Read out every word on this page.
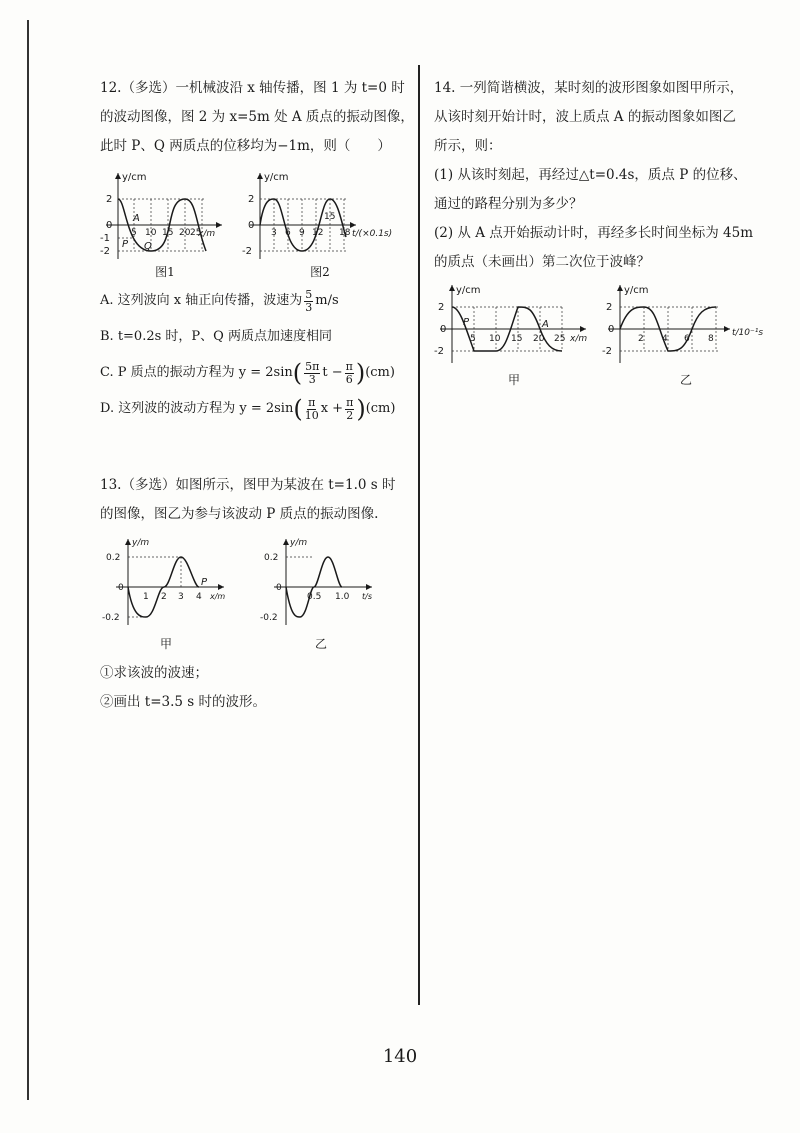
12.（多选）一机械波沿 x 轴传播，图 1 为 t=0 时
的波动图像，图 2 为 x=5m 处 A 质点的振动图像，
此时 P、Q 两质点的位移均为−1m，则（　　）
y/cm
x/m
2
0
-1
-2
5 10 15 20 25
A
P Q
图1
y/cm
t/(×0.1s)
2
0
-2
3 6 9 12 18
15
图2
A. 这列波向 x 轴正向传播，波速为 $\frac{5}{3} m/s$
B. t=0.2s 时，P、Q 两质点加速度相同
C. P 质点的振动方程为 y = 2sin ( $\frac{5\pi}{3}$ $t - \frac{\pi}{6}$ ) (cm)
D. 这列波的波动方程为 y = 2sin ( $\frac{\pi}{10}$ $x + \frac{\pi}{2}$ ) (cm)
13.（多选）如图所示，图甲为某波在 t=1.0 s 时
的图像，图乙为参与该波动 P 质点的振动图像.
y/m
x/m
0.2
0
-0.2
1 2 3 4
P
甲
y/m
t/s
0.2
0
-0.2
0.5 1.0
乙
①求该波的波速；
②画出 t=3.5 s 时的波形。
14. 一列简谐横波，某时刻的波形图象如图甲所示，
从该时刻开始计时，波上质点 A 的振动图象如图乙
所示，则：
(1) 从该时刻起，再经过△t=0.4s，质点 P 的位移、
通过的路程分别为多少？
(2) 从 A 点开始振动计时，再经多长时间坐标为 45m
的质点（未画出）第二次位于波峰？
y/cm
x/m
2
0
-2
5 10 15 20 25
P	A
甲
y/cm
t/10⁻¹s
2
0
-2
2 4 6 8
乙
140
